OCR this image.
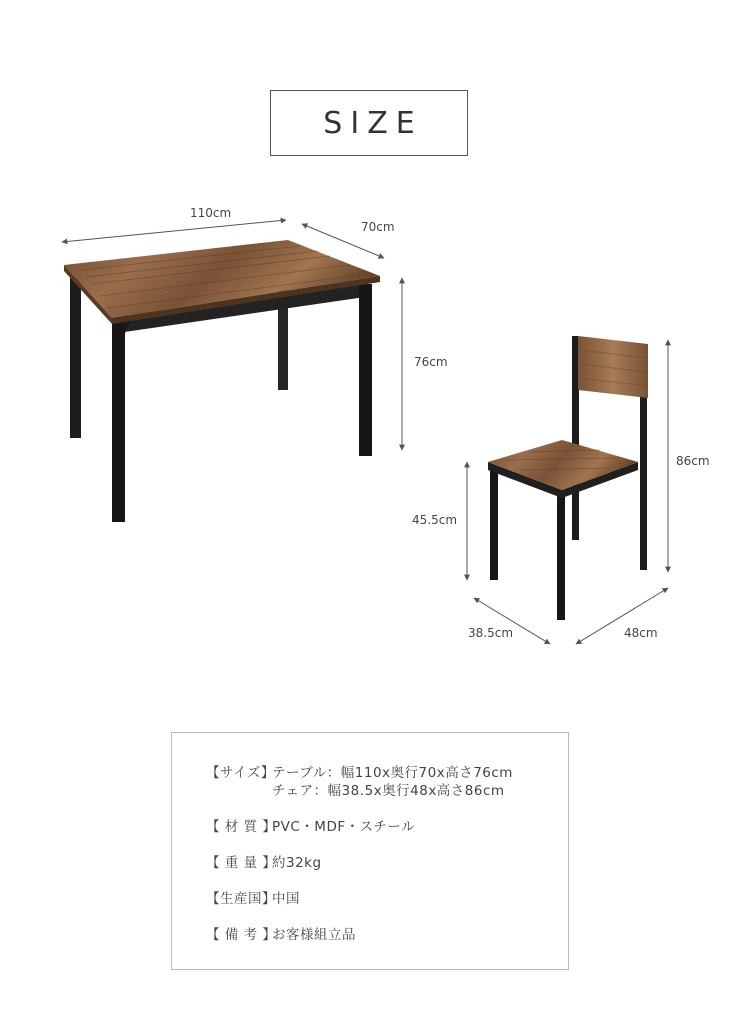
SIZE
110cm
70cm
76cm
86cm
45.5cm
38.5cm	48cm
【サイズ】テーブル：幅110x奥行70x高さ76cm
チェア：幅38.5x奥行48x高さ86cm
【 材 質 】PVC・MDF・スチール
【 重 量 】約32kg
【生産国】中国
【 備 考 】お客様組立品
